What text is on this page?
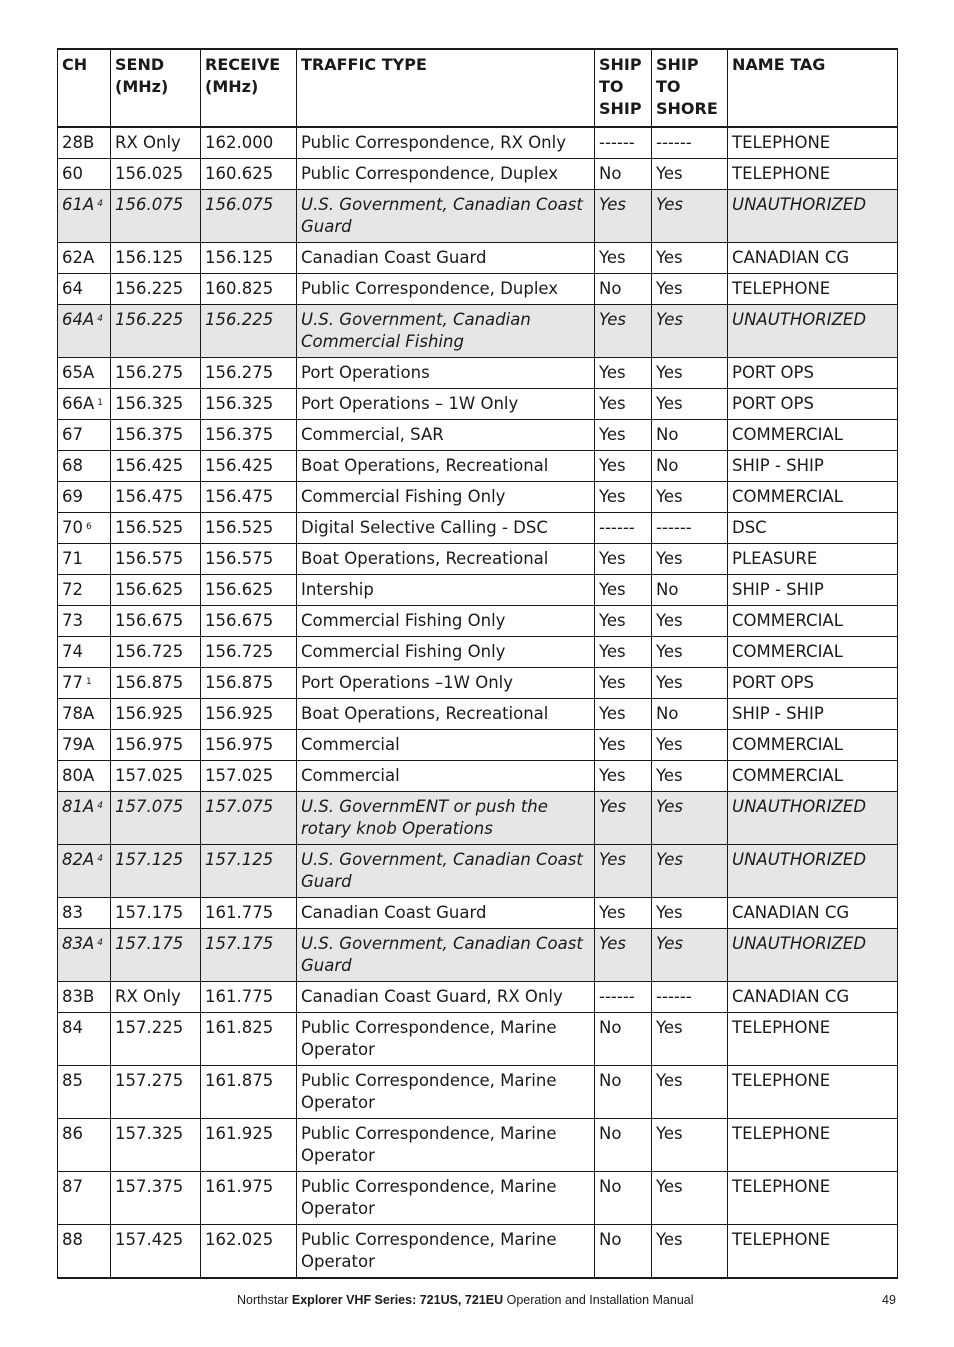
CH	SEND (MHz)	RECEIVE (MHz)	TRAFFIC TYPE	SHIP TO SHIP	SHIP TO SHORE	NAME TAG
28B	RX Only	162.000	Public Correspondence, RX Only	------	------	TELEPHONE
60	156.025	160.625	Public Correspondence, Duplex	No	Yes	TELEPHONE
61A $^4$	156.075	156.075	U.S. Government, Canadian Coast Guard	Yes	Yes	UNAUTHORIZED
62A	156.125	156.125	Canadian Coast Guard	Yes	Yes	CANADIAN CG
64	156.225	160.825	Public Correspondence, Duplex	No	Yes	TELEPHONE
64A $^4$	156.225	156.225	U.S. Government, Canadian Commercial Fishing	Yes	Yes	UNAUTHORIZED
65A	156.275	156.275	Port Operations	Yes	Yes	PORT OPS
66A $^1$	156.325	156.325	Port Operations – 1W Only	Yes	Yes	PORT OPS
67	156.375	156.375	Commercial, SAR	Yes	No	COMMERCIAL
68	156.425	156.425	Boat Operations, Recreational	Yes	No	SHIP - SHIP
69	156.475	156.475	Commercial Fishing Only	Yes	Yes	COMMERCIAL
70 $^6$	156.525	156.525	Digital Selective Calling - DSC	------	------	DSC
71	156.575	156.575	Boat Operations, Recreational	Yes	Yes	PLEASURE
72	156.625	156.625	Intership	Yes	No	SHIP - SHIP
73	156.675	156.675	Commercial Fishing Only	Yes	Yes	COMMERCIAL
74	156.725	156.725	Commercial Fishing Only	Yes	Yes	COMMERCIAL
77 $^1$	156.875	156.875	Port Operations –1W Only	Yes	Yes	PORT OPS
78A	156.925	156.925	Boat Operations, Recreational	Yes	No	SHIP - SHIP
79A	156.975	156.975	Commercial	Yes	Yes	COMMERCIAL
80A	157.025	157.025	Commercial	Yes	Yes	COMMERCIAL
81A $^4$	157.075	157.075	U.S. GovernmENT or push the rotary knob Operations	Yes	Yes	UNAUTHORIZED
82A $^4$	157.125	157.125	U.S. Government, Canadian Coast Guard	Yes	Yes	UNAUTHORIZED
83	157.175	161.775	Canadian Coast Guard	Yes	Yes	CANADIAN CG
83A $^4$	157.175	157.175	U.S. Government, Canadian Coast Guard	Yes	Yes	UNAUTHORIZED
83B	RX Only	161.775	Canadian Coast Guard, RX Only	------	------	CANADIAN CG
84	157.225	161.825	Public Correspondence, Marine Operator	No	Yes	TELEPHONE
85	157.275	161.875	Public Correspondence, Marine Operator	No	Yes	TELEPHONE
86	157.325	161.925	Public Correspondence, Marine Operator	No	Yes	TELEPHONE
87	157.375	161.975	Public Correspondence, Marine Operator	No	Yes	TELEPHONE
88	157.425	162.025	Public Correspondence, Marine Operator	No	Yes	TELEPHONE
Northstar Explorer VHF Series: 721US, 721EU Operation and Installation Manual	49
